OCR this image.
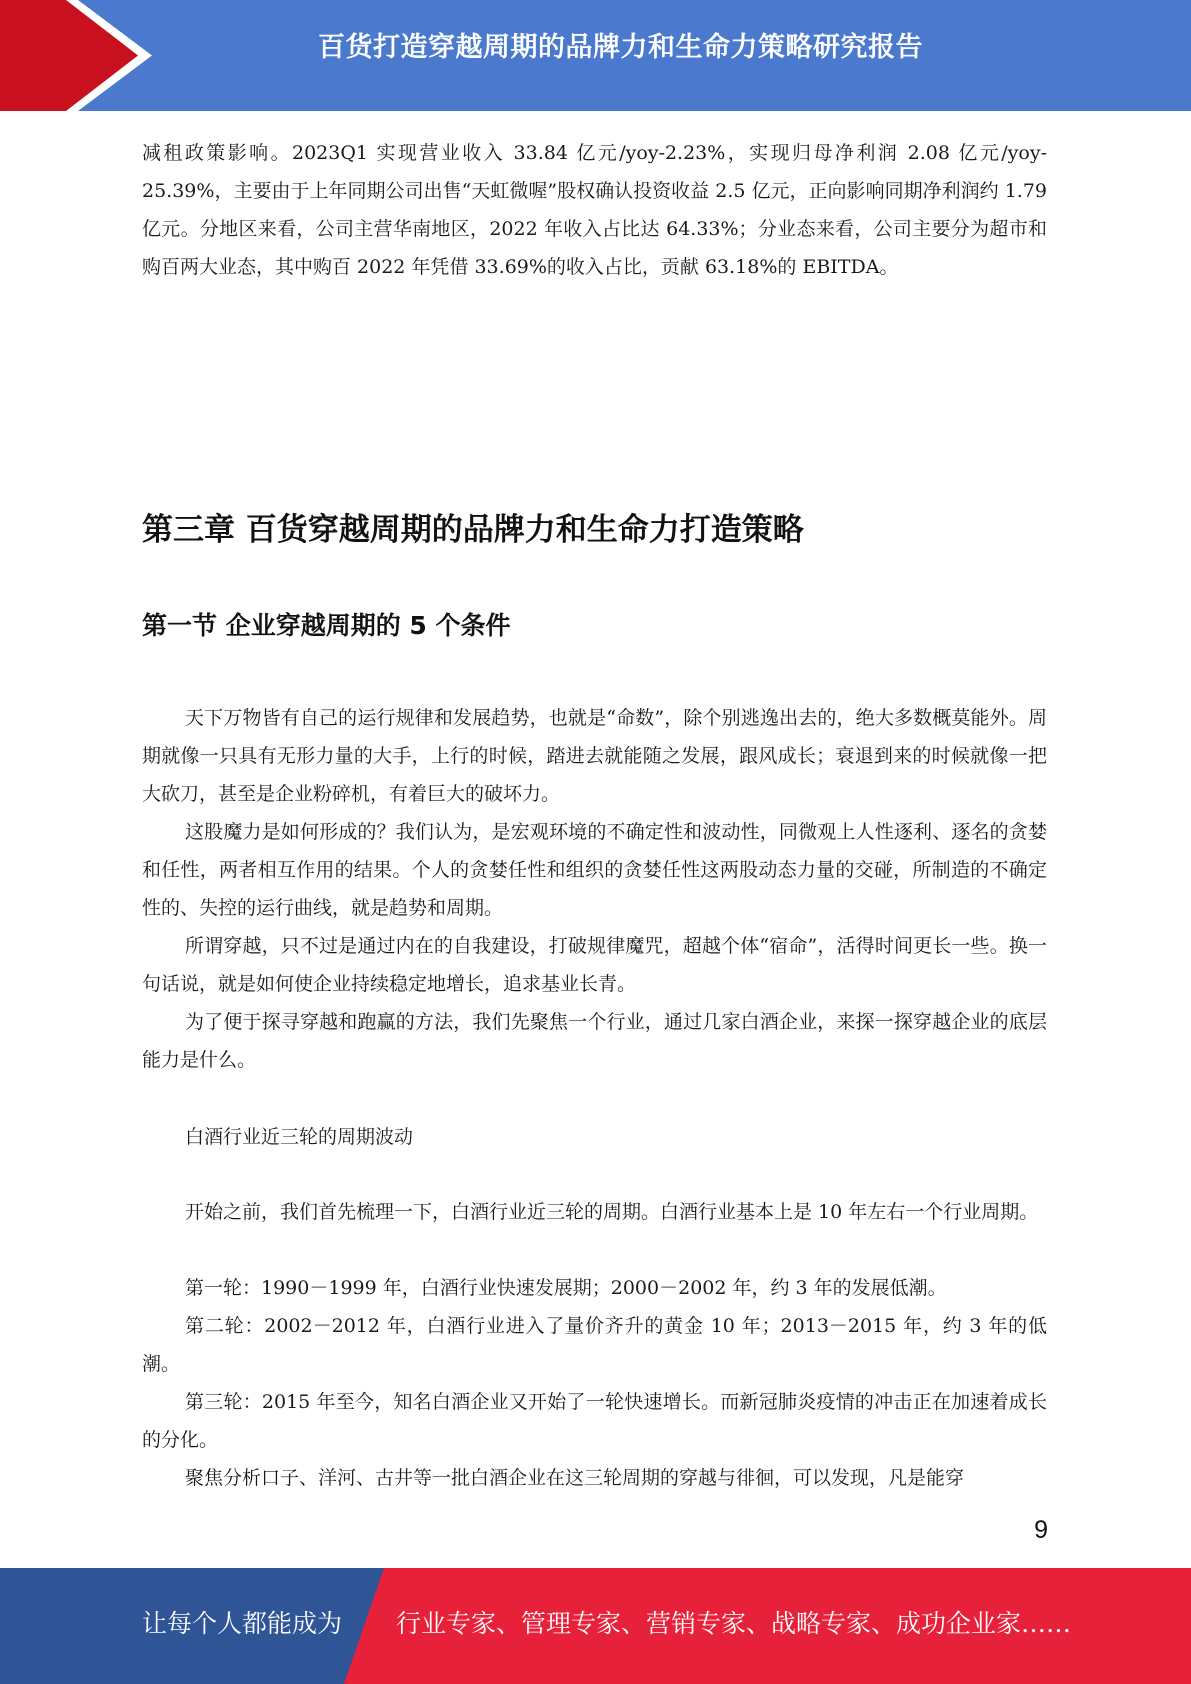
百货打造穿越周期的品牌力和生命力策略研究报告

减租政策影响。2023Q1 实现营业收入 33.84 亿元/yoy-2.23%，实现归母净利润 2.08 亿元/yoy-25.39%，主要由于上年同期公司出售“天虹微喔”股权确认投资收益 2.5 亿元，正向影响同期净利润约 1.79 亿元。分地区来看，公司主营华南地区，2022 年收入占比达 64.33%；分业态来看，公司主要分为超市和购百两大业态，其中购百 2022 年凭借 33.69%的收入占比，贡献 63.18%的 EBITDA。

第三章 百货穿越周期的品牌力和生命力打造策略
第一节 企业穿越周期的 5 个条件

天下万物皆有自己的运行规律和发展趋势，也就是“命数”，除个别逃逸出去的，绝大多数概莫能外。周期就像一只具有无形力量的大手，上行的时候，踏进去就能随之发展，跟风成长；衰退到来的时候就像一把大砍刀，甚至是企业粉碎机，有着巨大的破坏力。

这股魔力是如何形成的？我们认为，是宏观环境的不确定性和波动性，同微观上人性逐利、逐名的贪婪和任性，两者相互作用的结果。个人的贪婪任性和组织的贪婪任性这两股动态力量的交碰，所制造的不确定性的、失控的运行曲线，就是趋势和周期。

所谓穿越，只不过是通过内在的自我建设，打破规律魔咒，超越个体“宿命”，活得时间更长一些。换一句话说，就是如何使企业持续稳定地增长，追求基业长青。

为了便于探寻穿越和跑赢的方法，我们先聚焦一个行业，通过几家白酒企业，来探一探穿越企业的底层能力是什么。

白酒行业近三轮的周期波动

开始之前，我们首先梳理一下，白酒行业近三轮的周期。白酒行业基本上是 10 年左右一个行业周期。

第一轮：1990－1999 年，白酒行业快速发展期；2000－2002 年，约 3 年的发展低潮。

第二轮：2002－2012 年，白酒行业进入了量价齐升的黄金 10 年；2013－2015 年，约 3 年的低潮。

第三轮：2015 年至今，知名白酒企业又开始了一轮快速增长。而新冠肺炎疫情的冲击正在加速着成长的分化。

聚焦分析口子、洋河、古井等一批白酒企业在这三轮周期的穿越与徘徊，可以发现，凡是能穿

9
让每个人都能成为 行业专家、管理专家、营销专家、战略专家、成功企业家……
